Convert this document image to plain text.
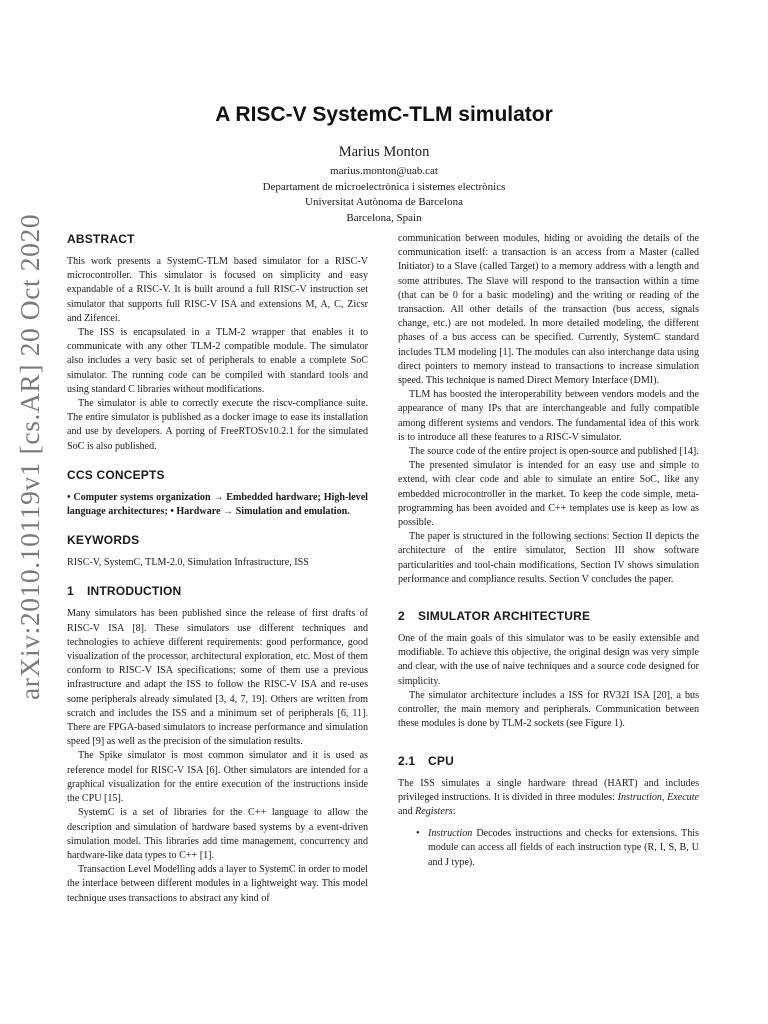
arXiv:2010.10119v1 [cs.AR] 20 Oct 2020
A RISC-V SystemC-TLM simulator
Marius Monton
marius.monton@uab.cat
Departament de microelectrònica i sistemes electrònics
Universitat Autònoma de Barcelona
Barcelona, Spain
ABSTRACT

This work presents a SystemC-TLM based simulator for a RISC-V microcontroller. This simulator is focused on simplicity and easy expandable of a RISC-V. It is built around a full RISC-V instruction set simulator that supports full RISC-V ISA and extensions M, A, C, Zicsr and Zifencei.

The ISS is encapsulated in a TLM-2 wrapper that enables it to communicate with any other TLM-2 compatible module. The simulator also includes a very basic set of peripherals to enable a complete SoC simulator. The running code can be compiled with standard tools and using standard C libraries without modifications.

The simulator is able to correctly execute the riscv-compliance suite. The entire simulator is published as a docker image to ease its installation and use by developers. A porting of FreeRTOSv10.2.1 for the simulated SoC is also published.

CCS CONCEPTS

• Computer systems organization → Embedded hardware; High-level language architectures; • Hardware → Simulation and emulation.

KEYWORDS

RISC-V, SystemC, TLM-2.0, Simulation Infrastructure, ISS

1 INTRODUCTION

Many simulators has been published since the release of first drafts of RISC-V ISA [8]. These simulators use different techniques and technologies to achieve different requirements: good performance, good visualization of the processor, architectural exploration, etc. Most of them conform to RISC-V ISA specifications; some of them use a previous infrastructure and adapt the ISS to follow the RISC-V ISA and re-uses some peripherals already simulated [3, 4, 7, 19]. Others are written from scratch and includes the ISS and a minimum set of peripherals [6, 11]. There are FPGA-based simulators to increase performance and simulation speed [9] as well as the precision of the simulation results.

The Spike simulator is most common simulator and it is used as reference model for RISC-V ISA [6]. Other simulators are intended for a graphical visualization for the entire execution of the instructions inside the CPU [15].

SystemC is a set of libraries for the C++ language to allow the description and simulation of hardware based systems by a event-driven simulation model. This libraries add time management, concurrency and hardware-like data types to C++ [1].

Transaction Level Modelling adds a layer to SystemC in order to model the interface between different modules in a lightweight way. This model technique uses transactions to abstract any kind of

communication between modules, hiding or avoiding the details of the communication itself: a transaction is an access from a Master (called Initiator) to a Slave (called Target) to a memory address with a length and some attributes. The Slave will respond to the transaction within a time (that can be 0 for a basic modeling) and the writing or reading of the transaction. All other details of the transaction (bus access, signals change, etc.) are not modeled. In more detailed modeling, the different phases of a bus access can be specified. Currently, SystemC standard includes TLM modeling [1]. The modules can also interchange data using direct pointers to memory instead to transactions to increase simulation speed. This technique is named Direct Memory Interface (DMI).

TLM has boosted the interoperability between vendors models and the appearance of many IPs that are interchangeable and fully compatible among different systems and vendors. The fundamental idea of this work is to introduce all these features to a RISC-V simulator.

The source code of the entire project is open-source and published [14].

The presented simulator is intended for an easy use and simple to extend, with clear code and able to simulate an entire SoC, like any embedded microcontroller in the market. To keep the code simple, meta-programming has been avoided and C++ templates use is keep as low as possible.

The paper is structured in the following sections: Section II depicts the architecture of the entire simulator, Section III show software particularities and tool-chain modifications, Section IV shows simulation performance and compliance results. Section V concludes the paper.

2 SIMULATOR ARCHITECTURE

One of the main goals of this simulator was to be easily extensible and modifiable. To achieve this objective, the original design was very simple and clear, with the use of naive techniques and a source code designed for simplicity.

The simulator architecture includes a ISS for RV32I ISA [20], a bus controller, the main memory and peripherals. Communication between these modules is done by TLM-2 sockets (see Figure 1).

2.1 CPU

The ISS simulates a single hardware thread (HART) and includes privileged instructions. It is divided in three modules: Instruction, Execute and Registers:

• Instruction Decodes instructions and checks for extensions. This module can access all fields of each instruction type (R, I, S, B, U and J type).
